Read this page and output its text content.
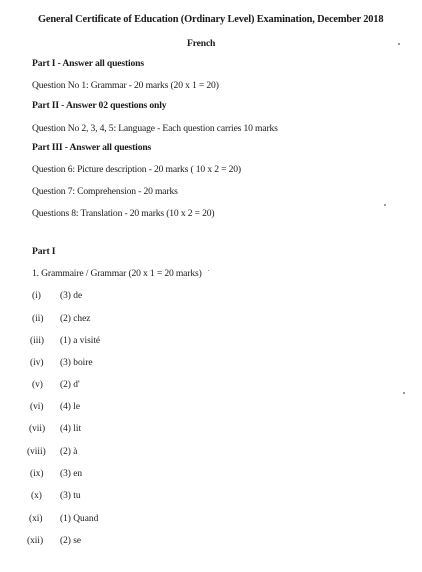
General Certificate of Education (Ordinary Level) Examination, December 2018
French
Part I - Answer all questions
Question No 1: Grammar - 20 marks (20 x 1 = 20)
Part II - Answer 02 questions only
Question No 2, 3, 4, 5: Language - Each question carries 10 marks
Part III - Answer all questions
Question 6: Picture description - 20 marks ( 10 x 2 = 20)
Question 7: Comprehension - 20 marks
Questions 8: Translation - 20 marks (10 x 2 = 20)
Part I
1. Grammaire / Grammar (20 x 1 = 20 marks)
(i) (3) de
(ii) (2) chez
(iii) (1) a visité
(iv) (3) boire
(v) (2) d'
(vi) (4) le
(vii) (4) lit
(viii) (2) à
(ix) (3) en
(x) (3) tu
(xi) (1) Quand
(xii) (2) se
